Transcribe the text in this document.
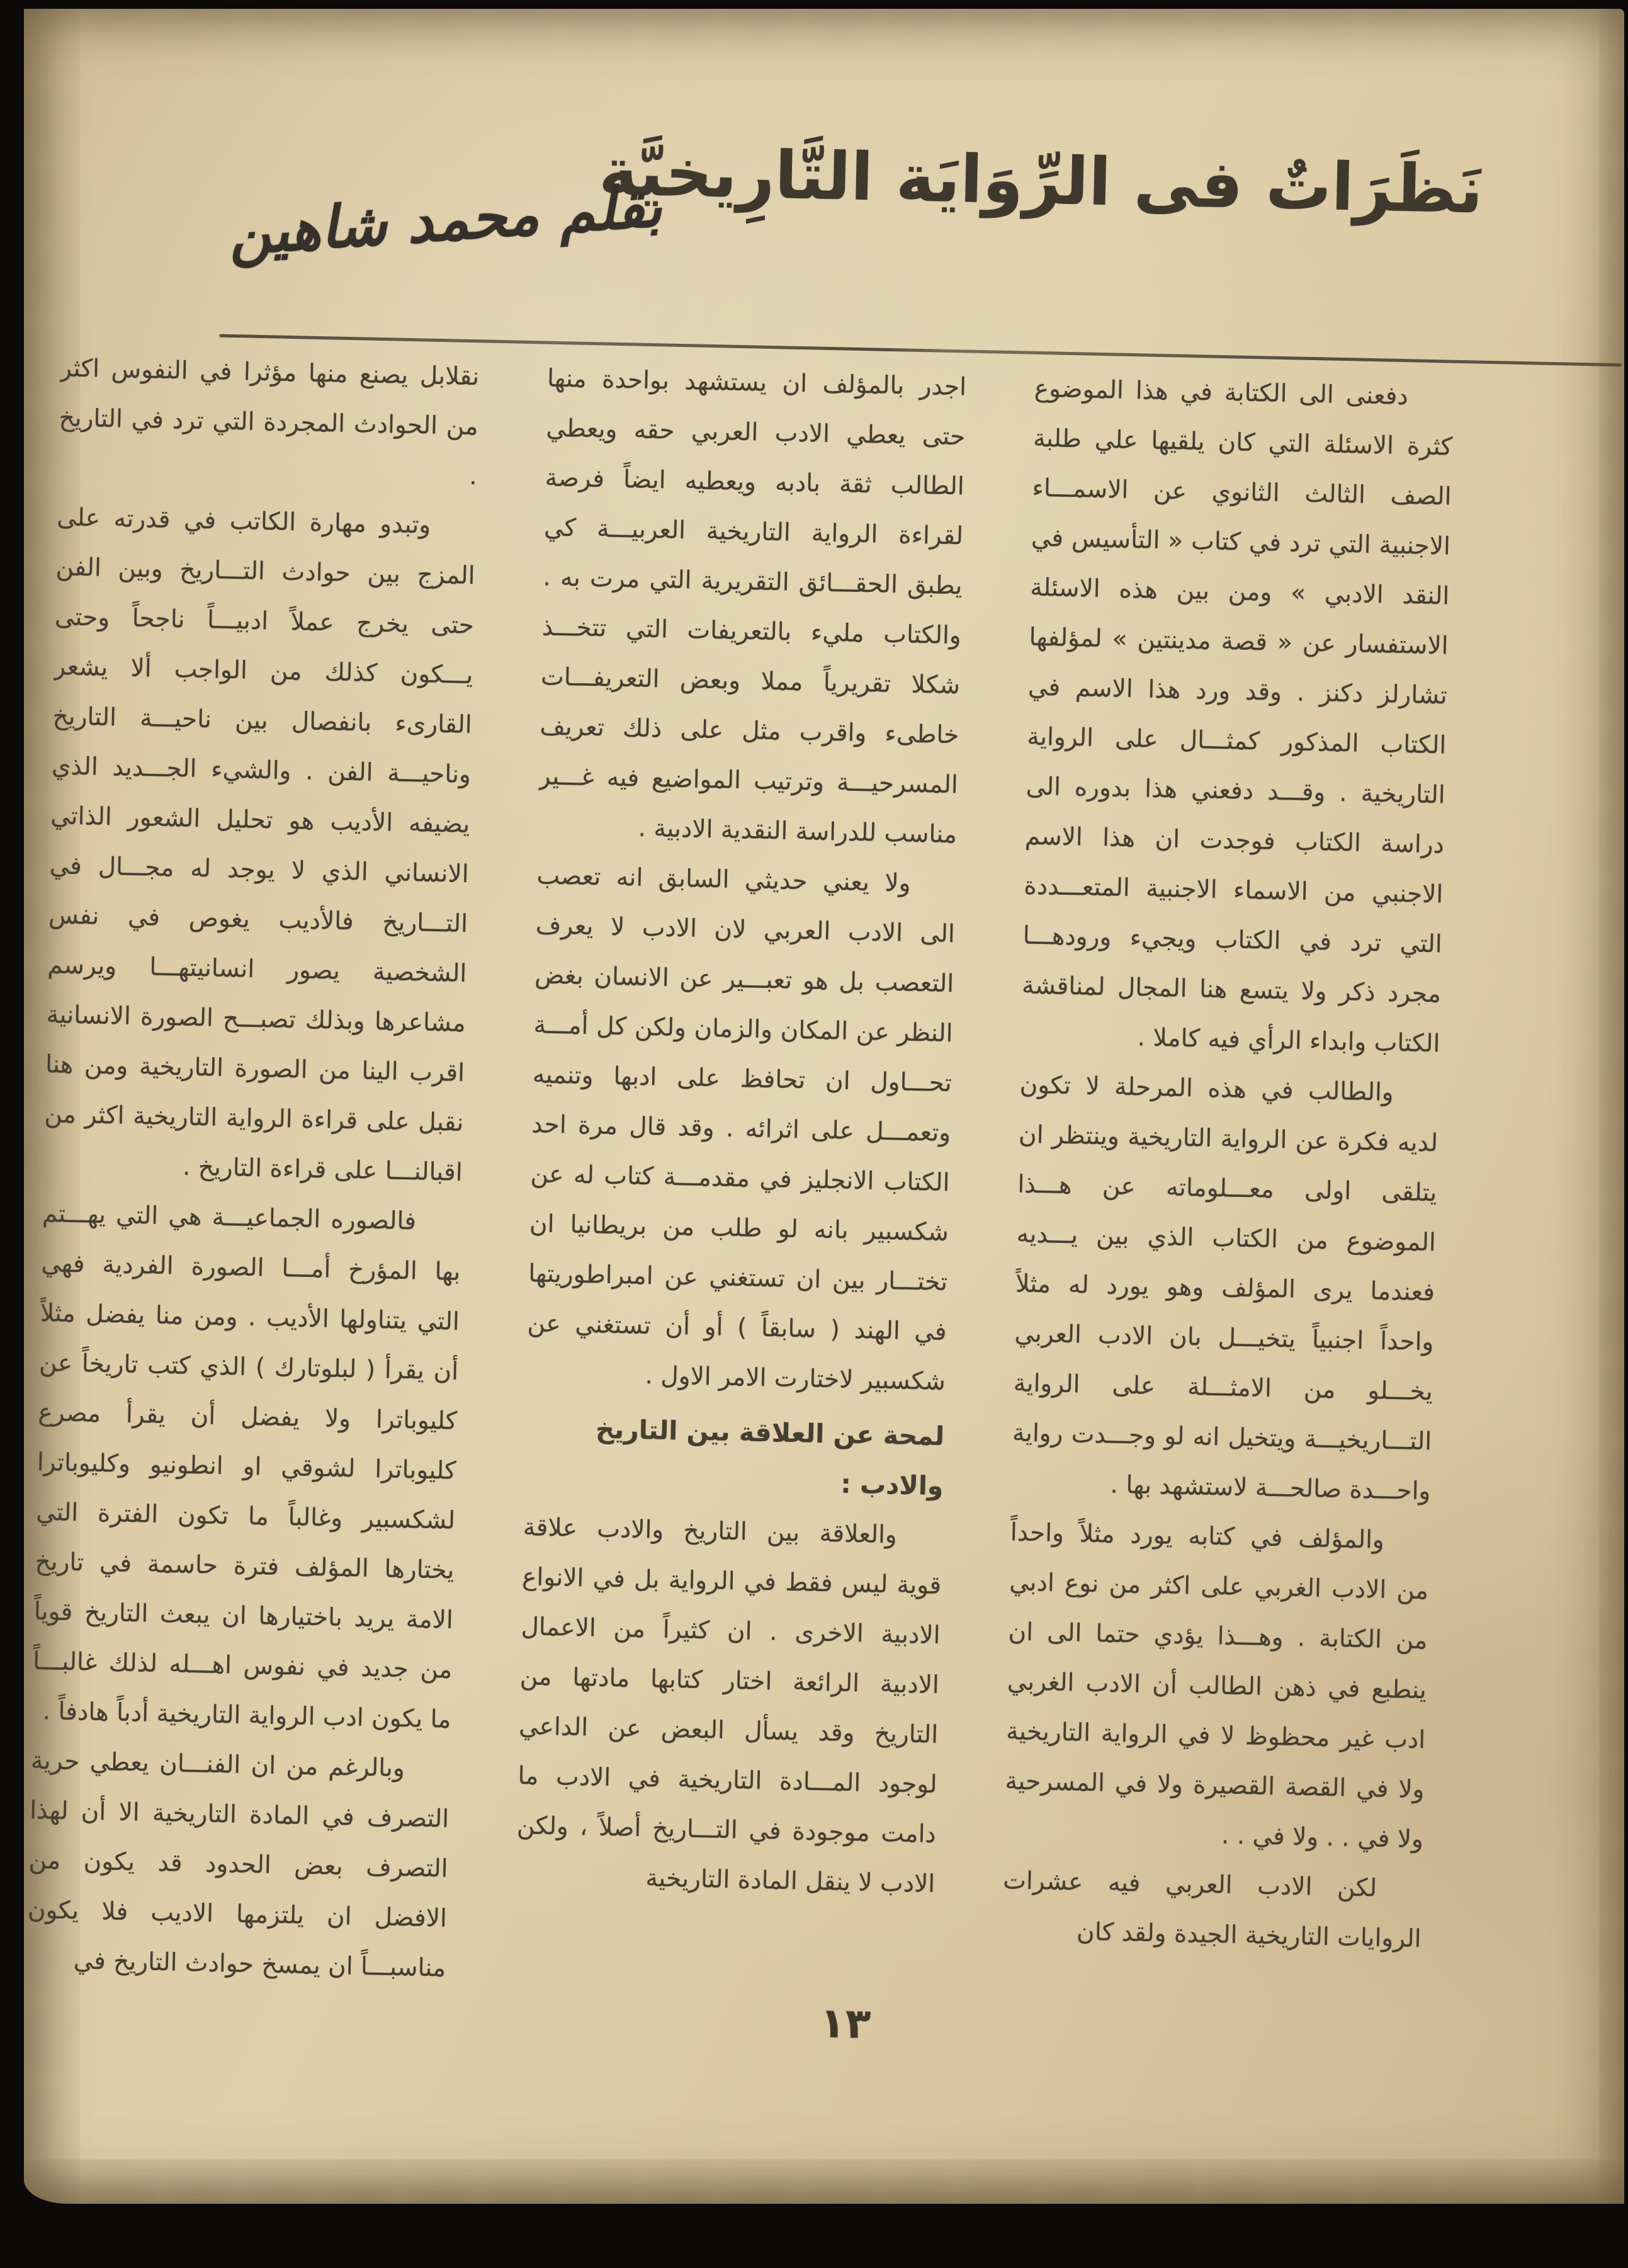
نَظَرَاتٌ فى الرِّوَايَة التَّارِيخيَّة
بقلم محمد شاهين

دفعنى الى الكتابة في هذا الموضوع كثرة الاسئلة التي كان يلقيها علي طلبة الصف الثالث الثانوي عن الاسمـــاء الاجنبية التي ترد في كتاب « التأسيس في النقد الادبي » ومن بين هذه الاسئلة الاستفسار عن « قصة مدينتين » لمؤلفها تشارلز دكنز . وقد ورد هذا الاسم في الكتاب المذكور كمثـــال على الرواية التاريخية . وقـــد دفعني هذا بدوره الى دراسة الكتاب فوجدت ان هذا الاسم الاجنبي من الاسماء الاجنبية المتعـــددة التي ترد في الكتاب ويجيء ورودهـــا مجرد ذكر ولا يتسع هنا المجال لمناقشة الكتاب وابداء الرأي فيه كاملا .

والطالب في هذه المرحلة لا تكون لديه فكرة عن الرواية التاريخية وينتظر ان يتلقى اولى معـــلوماته عن هـــذا الموضوع من الكتاب الذي بين يـــديه فعندما يرى المؤلف وهو يورد له مثلاً واحداً اجنبياً يتخيـــل بان الادب العربي يخـــلو من الامثـــلة على الرواية التـــاريخيـــة ويتخيل انه لو وجـــدت رواية واحـــدة صالحـــة لاستشهد بها .

والمؤلف في كتابه يورد مثلاً واحداً من الادب الغربي على اكثر من نوع ادبي من الكتابة . وهـــذا يؤدي حتما الى ان ينطبع في ذهن الطالب أن الادب الغربي ادب غير محظوظ لا في الرواية التاريخية ولا في القصة القصيرة ولا في المسرحية ولا في . . ولا في . .

لكن الادب العربي فيه عشرات الروايات التاريخية الجيدة ولقد كان

اجدر بالمؤلف ان يستشهد بواحدة منها حتى يعطي الادب العربي حقه ويعطي الطالب ثقة بادبه ويعطيه ايضاً فرصة لقراءة الرواية التاريخية العربيـــة كي يطبق الحقـــائق التقريرية التي مرت به . والكتاب مليء بالتعريفات التي تتخـــذ شكلا تقريرياً مملا وبعض التعريفـــات خاطىء واقرب مثل على ذلك تعريف المسرحيـــة وترتيب المواضيع فيه غـــير مناسب للدراسة النقدية الادبية .

ولا يعني حديثي السابق انه تعصب الى الادب العربي لان الادب لا يعرف التعصب بل هو تعبـــير عن الانسان بغض النظر عن المكان والزمان ولكن كل أمـــة تحـــاول ان تحافظ على ادبها وتنميه وتعمـــل على اثرائه . وقد قال مرة احد الكتاب الانجليز في مقدمـــة كتاب له عن شكسبير بانه لو طلب من بريطانيا ان تختـــار بين ان تستغني عن امبراطوريتها في الهند ( سابقاً ) أو أن تستغني عن شكسبير لاختارت الامر الاول .

لمحة عن العلاقة بين التاريخ والادب :

والعلاقة بين التاريخ والادب علاقة قوية ليس فقط في الرواية بل في الانواع الادبية الاخرى . ان كثيراً من الاعمال الادبية الرائعة اختار كتابها مادتها من التاريخ وقد يسأل البعض عن الداعي لوجود المـــادة التاريخية في الادب ما دامت موجودة في التـــاريخ أصلاً ، ولكن الادب لا ينقل المادة التاريخية

نقلابل يصنع منها مؤثرا في النفوس اكثر من الحوادث المجردة التي ترد في التاريخ .

وتبدو مهارة الكاتب في قدرته على المزج بين حوادث التـــاريخ وبين الفن حتى يخرج عملاً ادبيـــاً ناجحاً وحتى يـــكون كذلك من الواجب ألا يشعر القارىء بانفصال بين ناحيـــة التاريخ وناحيـــة الفن . والشيء الجـــديد الذي يضيفه الأديب هو تحليل الشعور الذاتي الانساني الذي لا يوجد له مجـــال في التـــاريخ فالأديب يغوص في نفس الشخصية يصور انسانيتهـــا ويرسم مشاعرها وبذلك تصبـــح الصورة الانسانية اقرب الينا من الصورة التاريخية ومن هنا نقبل على قراءة الرواية التاريخية اكثر من اقبالنـــا على قراءة التاريخ .

فالصوره الجماعيـــة هي التي يهـــتم بها المؤرخ أمـــا الصورة الفردية فهي التي يتناولها الأديب . ومن منا يفضل مثلاً أن يقرأ ( لبلوتارك ) الذي كتب تاريخاً عن كليوباترا ولا يفضل أن يقرأ مصرع كليوباترا لشوقي او انطونيو وكليوباترا لشكسبير وغالباً ما تكون الفترة التي يختارها المؤلف فترة حاسمة في تاريخ الامة يريد باختيارها ان يبعث التاريخ قوياً من جديد في نفوس اهـــله لذلك غالبـــاً ما يكون ادب الرواية التاريخية أدباً هادفاً .

وبالرغم من ان الفنـــان يعطي حرية التصرف في المادة التاريخية الا أن لهذا التصرف بعض الحدود قد يكون من الافضل ان يلتزمها الاديب فلا يكون مناسبـــاً ان يمسخ حوادث التاريخ في

١٣
